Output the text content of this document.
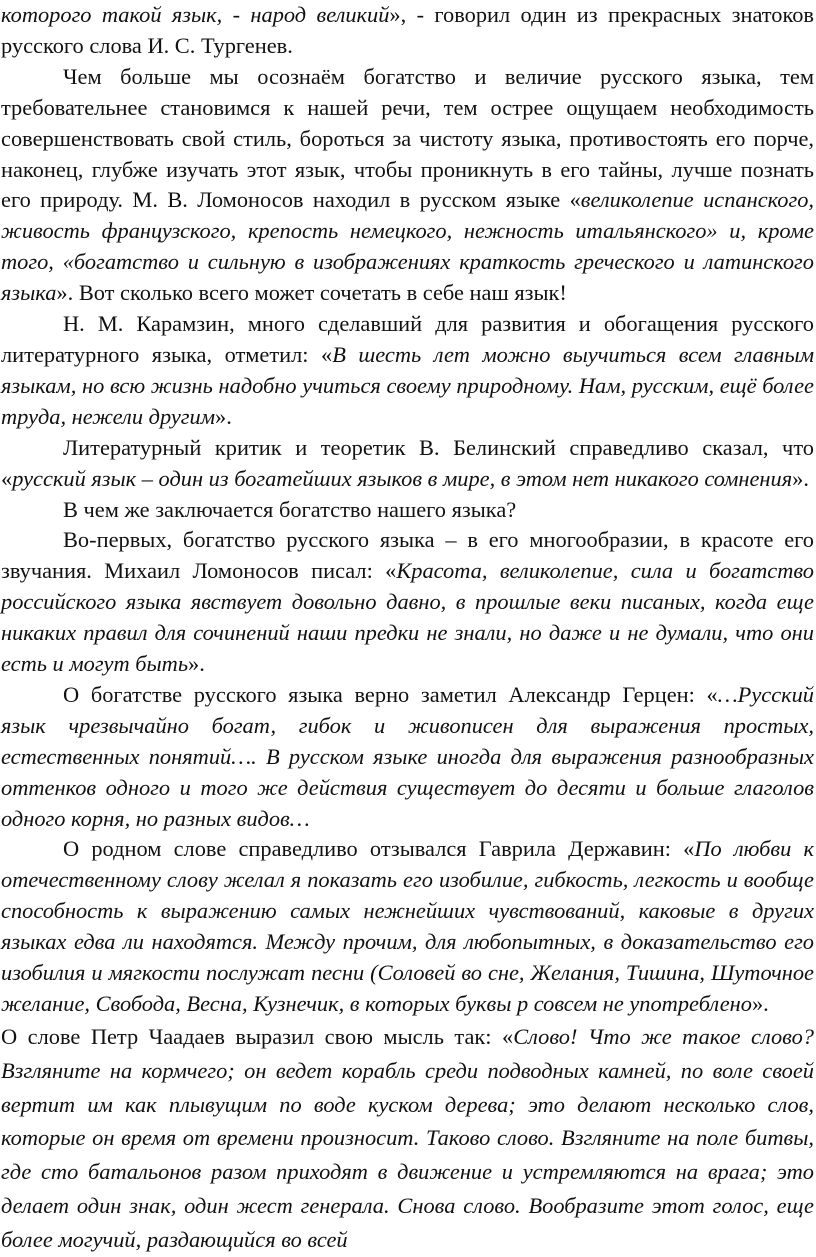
которого такой язык, - народ великий», - говорил один из прекрасных знатоков русского слова И. С. Тургенев.

Чем больше мы осознаём богатство и величие русского языка, тем требовательнее становимся к нашей речи, тем острее ощущаем необходимость совершенствовать свой стиль, бороться за чистоту языка, противостоять его порче, наконец, глубже изучать этот язык, чтобы проникнуть в его тайны, лучше познать его природу. М. В. Ломоносов находил в русском языке «великолепие испанского, живость французского, крепость немецкого, нежность итальянского» и, кроме того, «богатство и сильную в изображениях краткость греческого и латинского языка». Вот сколько всего может сочетать в себе наш язык!

Н. М. Карамзин, много сделавший для развития и обогащения русского литературного языка, отметил: «В шесть лет можно выучиться всем главным языкам, но всю жизнь надобно учиться своему природному. Нам, русским, ещё более труда, нежели другим».

Литературный критик и теоретик В. Белинский справедливо сказал, что «русский язык – один из богатейших языков в мире, в этом нет никакого сомнения».

В чем же заключается богатство нашего языка?

Во-первых, богатство русского языка – в его многообразии, в красоте его звучания. Михаил Ломоносов писал: «Красота, великолепие, сила и богатство российского языка явствует довольно давно, в прошлые веки писаных, когда еще никаких правил для сочинений наши предки не знали, но даже и не думали, что они есть и могут быть».

О богатстве русского языка верно заметил Александр Герцен: «…Русский язык чрезвычайно богат, гибок и живописен для выражения простых, естественных понятий…. В русском языке иногда для выражения разнообразных оттенков одного и того же действия существует до десяти и больше глаголов одного корня, но разных видов…

О родном слове справедливо отзывался Гаврила Державин: «По любви к отечественному слову желал я показать его изобилие, гибкость, легкость и вообще способность к выражению самых нежнейших чувствований, каковые в других языках едва ли находятся. Между прочим, для любопытных, в доказательство его изобилия и мягкости послужат песни (Соловей во сне, Желания, Тишина, Шуточное желание, Свобода, Весна, Кузнечик, в которых буквы р совсем не употреблено».

О слове Петр Чаадаев выразил свою мысль так: «Слово! Что же такое слово? Взгляните на кормчего; он ведет корабль среди подводных камней, по воле своей вертит им как плывущим по воде куском дерева; это делают несколько слов, которые он время от времени произносит. Таково слово. Взгляните на поле битвы, где сто батальонов разом приходят в движение и устремляются на врага; это делает один знак, один жест генерала. Снова слово. Вообразите этот голос, еще более могучий, раздающийся во всей
